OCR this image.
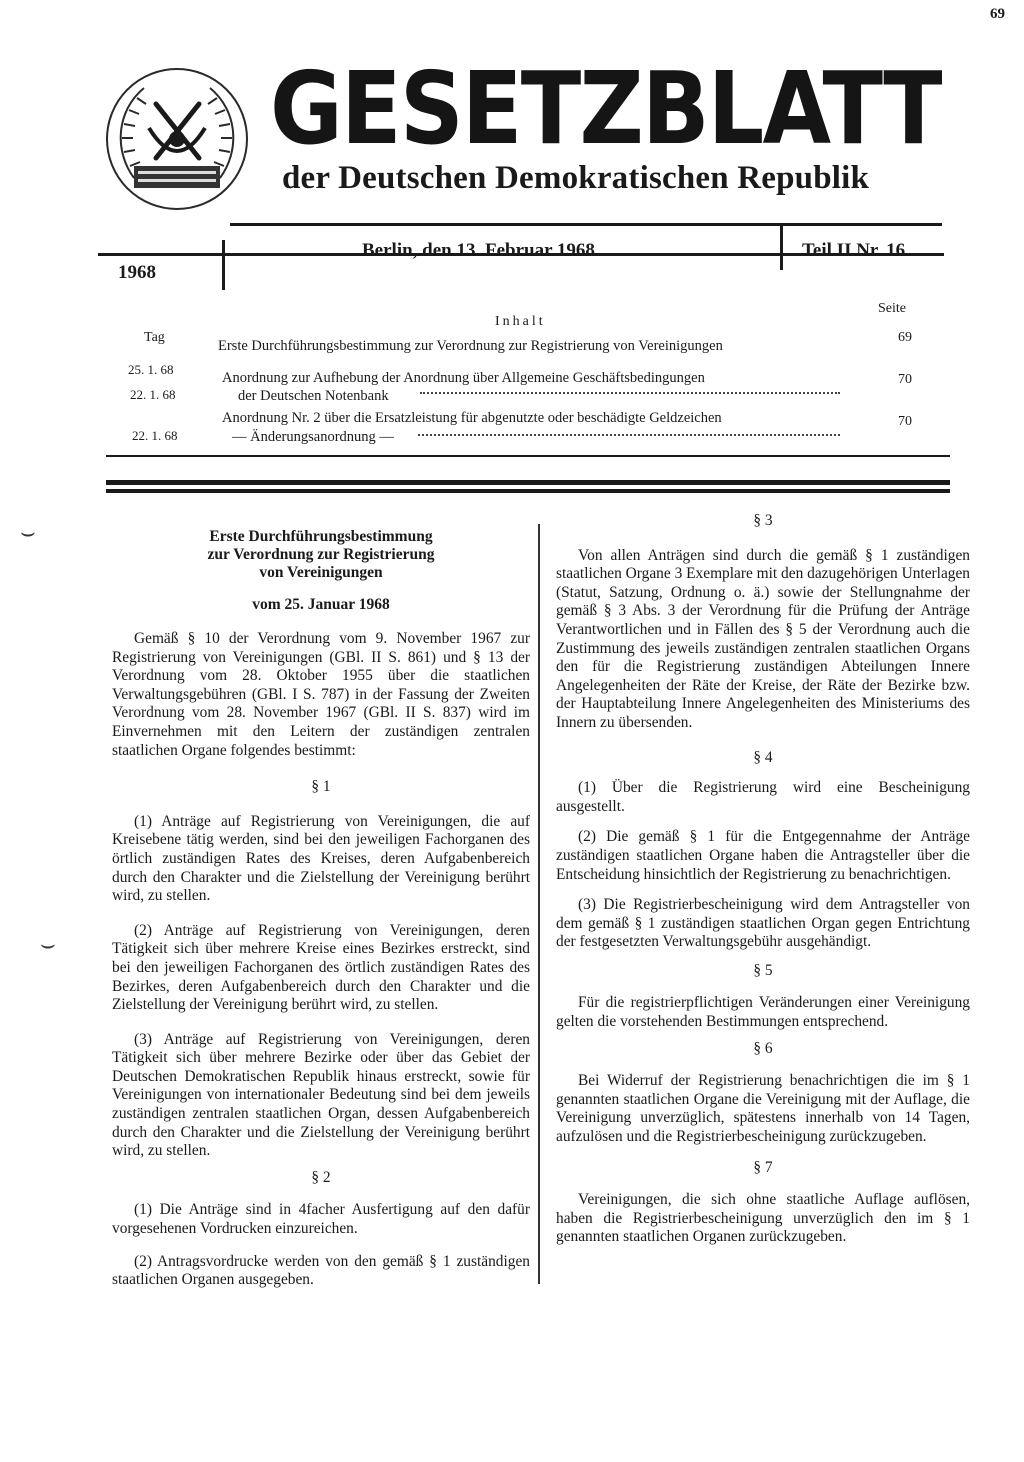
69
GESETZBLATT
der Deutschen Demokratischen Republik
1968
Berlin, den 13. Februar 1968	Teil II Nr. 16
Seite
Inhalt
Tag
25. 1. 68
Erste Durchführungsbestimmung zur Verordnung zur Registrierung von Vereinigungen
69
22. 1. 68
Anordnung zur Aufhebung der Anordnung über Allgemeine Geschäftsbedingungen
der Deutschen Notenbank
70
22. 1. 68
Anordnung Nr. 2 über die Ersatzleistung für abgenutzte oder beschädigte Geldzeichen
— Änderungsanordnung —
70
⌣
⌣
Erste Durchführungsbestimmung
zur Verordnung zur Registrierung
von Vereinigungen
vom 25. Januar 1968

Gemäß § 10 der Verordnung vom 9. November 1967 zur Registrierung von Vereinigungen (GBl. II S. 861) und § 13 der Verordnung vom 28. Oktober 1955 über die staatlichen Verwaltungsgebühren (GBl. I S. 787) in der Fassung der Zweiten Verordnung vom 28. November 1967 (GBl. II S. 837) wird im Einvernehmen mit den Leitern der zuständigen zentralen staatlichen Organe folgendes bestimmt:

§ 1

(1) Anträge auf Registrierung von Vereinigungen, die auf Kreisebene tätig werden, sind bei den jeweiligen Fachorganen des örtlich zuständigen Rates des Kreises, deren Aufgabenbereich durch den Charakter und die Zielstellung der Vereinigung berührt wird, zu stellen.

(2) Anträge auf Registrierung von Vereinigungen, deren Tätigkeit sich über mehrere Kreise eines Bezirkes erstreckt, sind bei den jeweiligen Fachorganen des örtlich zuständigen Rates des Bezirkes, deren Aufgabenbereich durch den Charakter und die Zielstellung der Vereinigung berührt wird, zu stellen.

(3) Anträge auf Registrierung von Vereinigungen, deren Tätigkeit sich über mehrere Bezirke oder über das Gebiet der Deutschen Demokratischen Republik hinaus erstreckt, sowie für Vereinigungen von internationaler Bedeutung sind bei dem jeweils zuständigen zentralen staatlichen Organ, dessen Aufgabenbereich durch den Charakter und die Zielstellung der Vereinigung berührt wird, zu stellen.

§ 2

(1) Die Anträge sind in 4facher Ausfertigung auf den dafür vorgesehenen Vordrucken einzureichen.

(2) Antragsvordrucke werden von den gemäß § 1 zuständigen staatlichen Organen ausgegeben.

§ 3

Von allen Anträgen sind durch die gemäß § 1 zuständigen staatlichen Organe 3 Exemplare mit den dazugehörigen Unterlagen (Statut, Satzung, Ordnung o. ä.) sowie der Stellungnahme der gemäß § 3 Abs. 3 der Verordnung für die Prüfung der Anträge Verantwortlichen und in Fällen des § 5 der Verordnung auch die Zustimmung des jeweils zuständigen zentralen staatlichen Organs den für die Registrierung zuständigen Abteilungen Innere Angelegenheiten der Räte der Kreise, der Räte der Bezirke bzw. der Hauptabteilung Innere Angelegenheiten des Ministeriums des Innern zu übersenden.

§ 4

(1) Über die Registrierung wird eine Bescheinigung ausgestellt.

(2) Die gemäß § 1 für die Entgegennahme der Anträge zuständigen staatlichen Organe haben die Antragsteller über die Entscheidung hinsichtlich der Registrierung zu benachrichtigen.

(3) Die Registrierbescheinigung wird dem Antragsteller von dem gemäß § 1 zuständigen staatlichen Organ gegen Entrichtung der festgesetzten Verwaltungsgebühr ausgehändigt.

§ 5

Für die registrierpflichtigen Veränderungen einer Vereinigung gelten die vorstehenden Bestimmungen entsprechend.

§ 6

Bei Widerruf der Registrierung benachrichtigen die im § 1 genannten staatlichen Organe die Vereinigung mit der Auflage, die Vereinigung unverzüglich, spätestens innerhalb von 14 Tagen, aufzulösen und die Registrierbescheinigung zurückzugeben.

§ 7

Vereinigungen, die sich ohne staatliche Auflage auflösen, haben die Registrierbescheinigung unverzüglich den im § 1 genannten staatlichen Organen zurückzugeben.
